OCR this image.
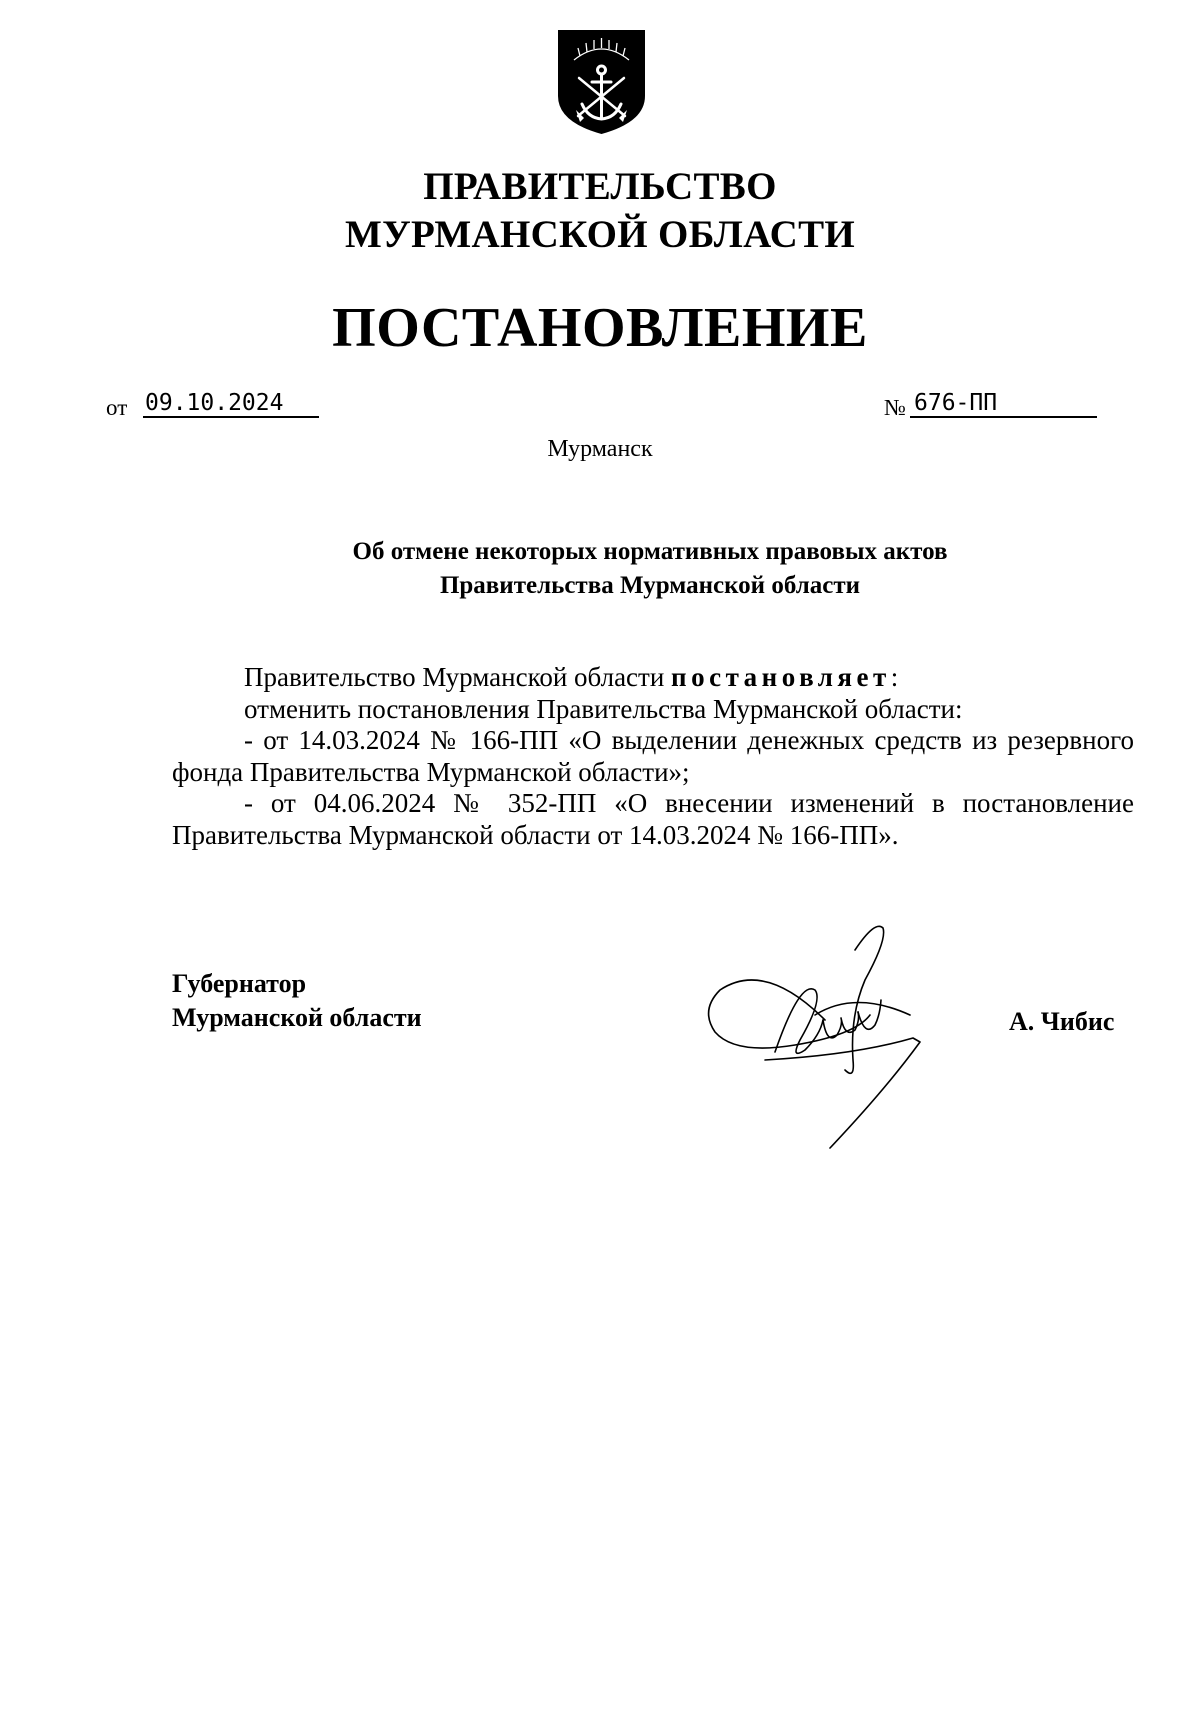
ПРАВИТЕЛЬСТВО
МУРМАНСКОЙ ОБЛАСТИ
ПОСТАНОВЛЕНИЕ
от 09.10.2024	№ 676-ПП
Мурманск
Об отмене некоторых нормативных правовых актов
Правительства Мурманской области

Правительство Мурманской области постановляет:

отменить постановления Правительства Мурманской области:

- от 14.03.2024 № 166-ПП «О выделении денежных средств из резервного фонда Правительства Мурманской области»;

- от 04.06.2024 № 352-ПП «О внесении изменений в постановление Правительства Мурманской области от 14.03.2024 № 166-ПП».

Губернатор
Мурманской области	А. Чибис
